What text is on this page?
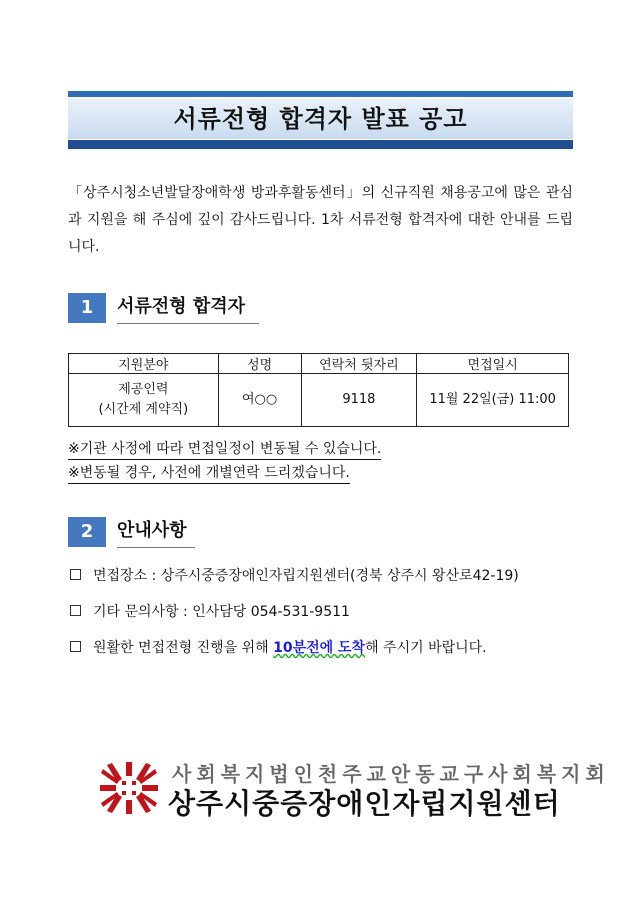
서류전형 합격자 발표 공고
「상주시청소년발달장애학생 방과후활동센터」의 신규직원 채용공고에 많은 관심과 지원을 해 주심에 깊이 감사드립니다. 1차 서류전형 합격자에 대한 안내를 드립니다.
1	서류전형 합격자
지원분야	성명	연락처 뒷자리	면접일시

제공인력
(시간제 계약직)	여○○	9118	11월 22일(금) 11:00
※기관 사정에 따라 면접일정이 변동될 수 있습니다.
※변동될 경우, 사전에 개별연락 드리겠습니다.
2	안내사항
면접장소 : 상주시중증장애인자립지원센터(경북 상주시 왕산로42-19)
기타 문의사항 : 인사담당 054-531-9511
원활한 면접전형 진행을 위해 10분전에 도착해 주시기 바랍니다.
사회복지법인천주교안동교구사회복지회
상주시중증장애인자립지원센터
